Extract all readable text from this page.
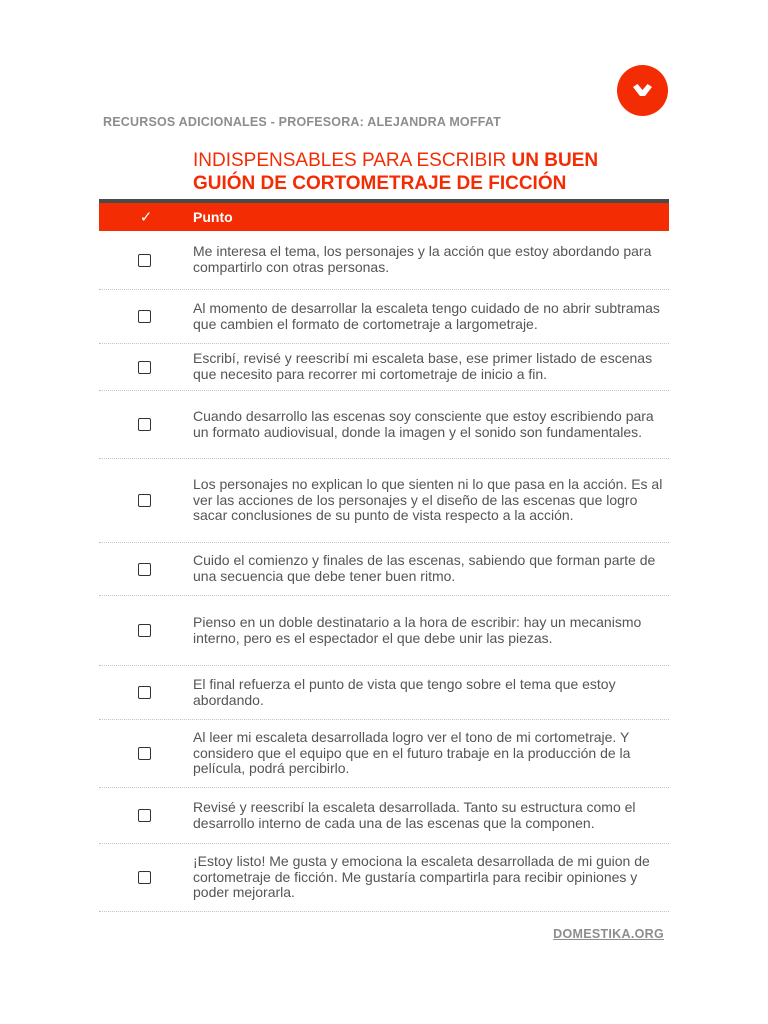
RECURSOS ADICIONALES - PROFESORA: ALEJANDRA MOFFAT
INDISPENSABLES PARA ESCRIBIR UN BUEN GUIÓN DE CORTOMETRAJE DE FICCIÓN
✓	Punto
Me interesa el tema, los personajes y la acción que estoy abordando para compartirlo con otras personas.
Al momento de desarrollar la escaleta tengo cuidado de no abrir subtramas que cambien el formato de cortometraje a largometraje.
Escribí, revisé y reescribí mi escaleta base, ese primer listado de escenas que necesito para recorrer mi cortometraje de inicio a fin.
Cuando desarrollo las escenas soy consciente que estoy escribiendo para un formato audiovisual, donde la imagen y el sonido son fundamentales.
Los personajes no explican lo que sienten ni lo que pasa en la acción. Es al ver las acciones de los personajes y el diseño de las escenas que logro sacar conclusiones de su punto de vista respecto a la acción.
Cuido el comienzo y finales de las escenas, sabiendo que forman parte de una secuencia que debe tener buen ritmo.
Pienso en un doble destinatario a la hora de escribir: hay un mecanismo interno, pero es el espectador el que debe unir las piezas.
El final refuerza el punto de vista que tengo sobre el tema que estoy abordando.
Al leer mi escaleta desarrollada logro ver el tono de mi cortometraje. Y considero que el equipo que en el futuro trabaje en la producción de la película, podrá percibirlo.
Revisé y reescribí la escaleta desarrollada. Tanto su estructura como el desarrollo interno de cada una de las escenas que la componen.
¡Estoy listo! Me gusta y emociona la escaleta desarrollada de mi guion de cortometraje de ficción. Me gustaría compartirla para recibir opiniones y poder mejorarla.
DOMESTIKA.ORG
